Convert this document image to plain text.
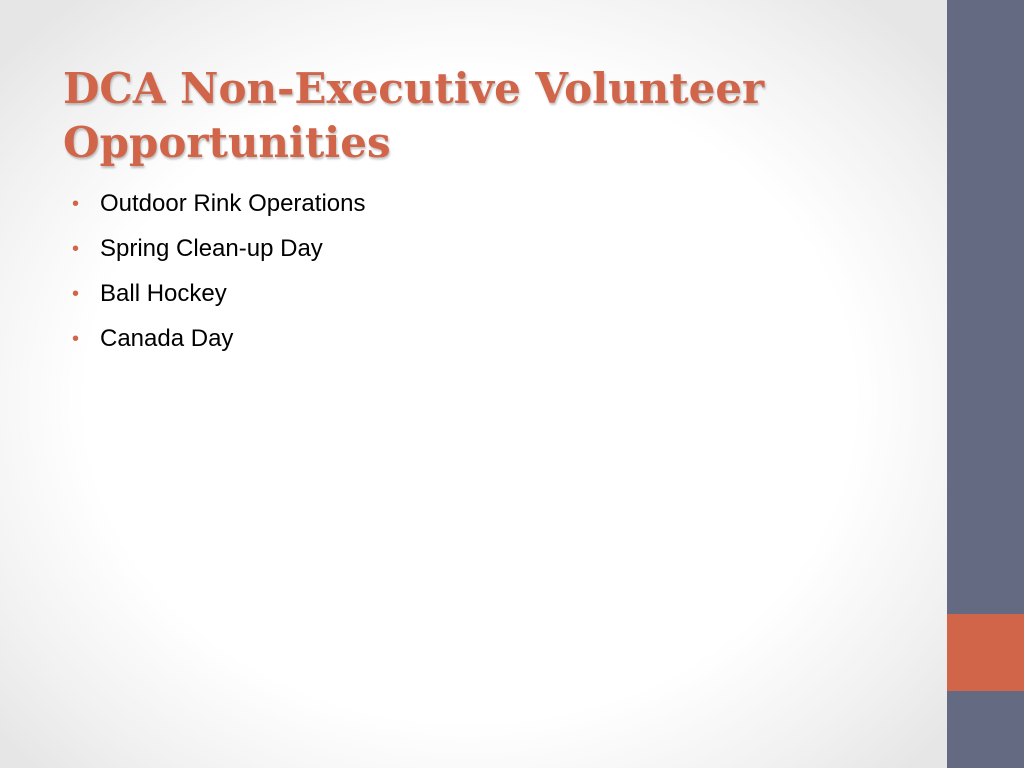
DCA Non-Executive Volunteer
Opportunities
• Outdoor Rink Operations
• Spring Clean-up Day
• Ball Hockey
• Canada Day
